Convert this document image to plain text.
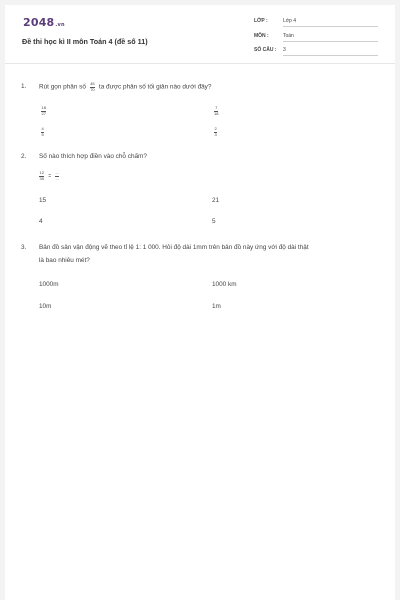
2048.vn
Đề thi học kì II môn Toán 4 (đề số 11)
LỚP :	Lớp 4
MÔN :	Toán
SỐ CÂU : 3
1. Rút gọn phân số $\frac{45}{70}$ ta được phân số tối giản nào dưới đây?
$\frac{18}{27}$	$\frac{7}{18}$
$\frac{4}{5}$	$\frac{2}{3}$
2. Số nào thích hợp điền vào chỗ chấm?
$\frac{12}{35} = \frac{...}{...}$
15	21
4	5
3. Bản đồ sân vận động vẽ theo tỉ lệ 1: 1 000. Hỏi độ dài 1mm trên bản đồ này ứng với độ dài thật
là bao nhiêu mét?
1000m	1000 km
10m	1m
